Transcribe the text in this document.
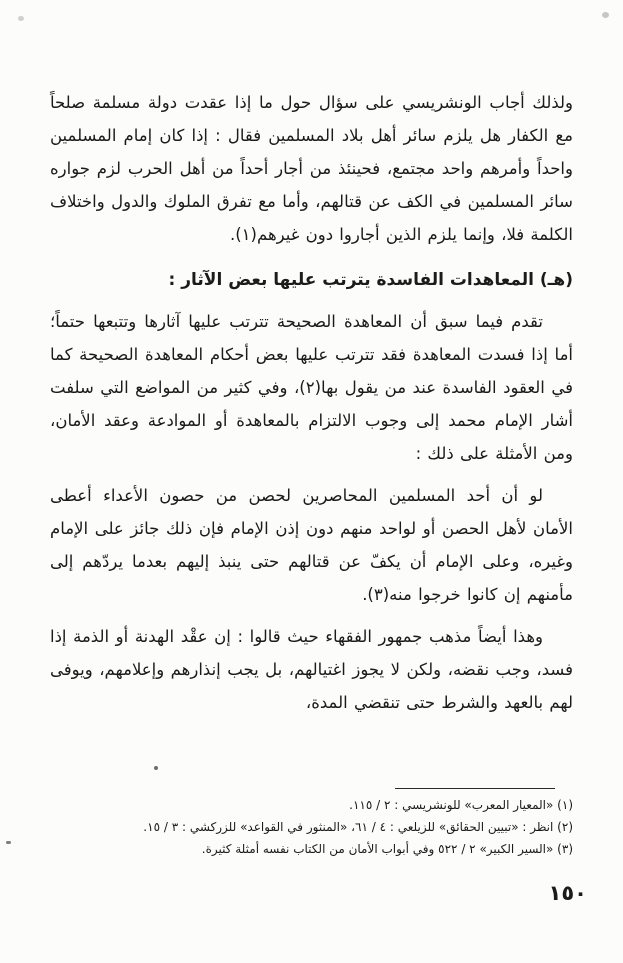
ولذلك أجاب الونشريسي على سؤال حول ما إذا عقدت دولة مسلمة صلحاً مع الكفار هل يلزم سائر أهل بلاد المسلمين فقال : إذا كان إمام المسلمين واحداً وأمرهم واحد مجتمع، فحينئذ من أجار أحداً من أهل الحرب لزم جواره سائر المسلمين في الكف عن قتالهم، وأما مع تفرق الملوك والدول واختلاف الكلمة فلا، وإنما يلزم الذين أجاروا دون غيرهم(١).

(هـ) المعاهدات الفاسدة يترتب عليها بعض الآثار :

تقدم فيما سبق أن المعاهدة الصحيحة تترتب عليها آثارها وتتبعها حتماً؛ أما إذا فسدت المعاهدة فقد تترتب عليها بعض أحكام المعاهدة الصحيحة كما في العقود الفاسدة عند من يقول بها(٢)، وفي كثير من المواضع التي سلفت أشار الإمام محمد إلى وجوب الالتزام بالمعاهدة أو الموادعة وعقد الأمان، ومن الأمثلة على ذلك :

لو أن أحد المسلمين المحاصرين لحصن من حصون الأعداء أعطى الأمان لأهل الحصن أو لواحد منهم دون إذن الإمام فإن ذلك جائز على الإمام وغيره، وعلى الإمام أن يكفّ عن قتالهم حتى ينبذ إليهم بعدما يردّهم إلى مأمنهم إن كانوا خرجوا منه(٣).

وهذا أيضاً مذهب جمهور الفقهاء حيث قالوا : إن عقْد الهدنة أو الذمة إذا فسد، وجب نقضه، ولكن لا يجوز اغتيالهم، بل يجب إنذارهم وإعلامهم، ويوفى لهم بالعهد والشرط حتى تنقضي المدة،

(١) «المعيار المعرب» للونشريسي : ٢ / ١١٥.

(٢) انظر : «تبيين الحقائق» للزيلعي : ٤ / ٦١، «المنثور في القواعد» للزركشي : ٣ / ١٥.

(٣) «السير الكبير» ٢ / ٥٢٢ وفي أبواب الأمان من الكتاب نفسه أمثلة كثيرة.

١٥٠
